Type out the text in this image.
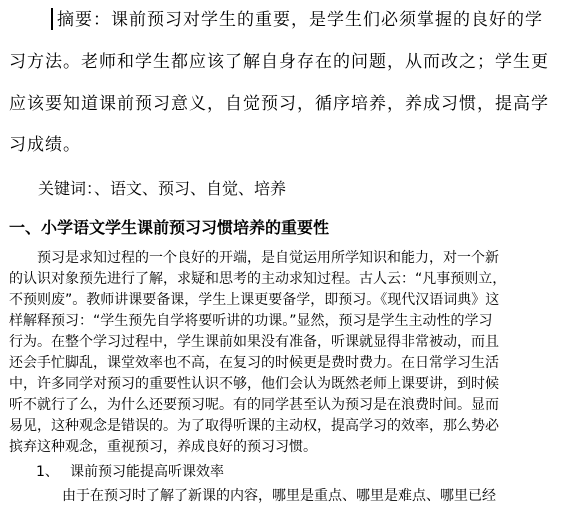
摘要：课前预习对学生的重要，是学生们必须掌握的良好的学
习方法。老师和学生都应该了解自身存在的问题，从而改之；学生更
应该要知道课前预习意义，自觉预习，循序培养，养成习惯，提高学
习成绩。
关键词：、语文、预习、自觉、培养
一、小学语文学生课前预习习惯培养的重要性
　　预习是求知过程的一个良好的开端，是自觉运用所学知识和能力，对一个新
的认识对象预先进行了解，求疑和思考的主动求知过程。古人云：“凡事预则立，
不预则废”。教师讲课要备课，学生上课更要备学，即预习。《现代汉语词典》这
样解释预习：“学生预先自学将要听讲的功课。”显然，预习是学生主动性的学习
行为。在整个学习过程中，学生课前如果没有准备，听课就显得非常被动，而且
还会手忙脚乱，课堂效率也不高，在复习的时候更是费时费力。在日常学习生活
中，许多同学对预习的重要性认识不够，他们会认为既然老师上课要讲，到时候
听不就行了么，为什么还要预习呢。有的同学甚至认为预习是在浪费时间。显而
易见，这种观念是错误的。为了取得听课的主动权，提高学习的效率，那么势必
摈弃这种观念，重视预习，养成良好的预习习惯。
1、 课前预习能提高听课效率
由于在预习时了解了新课的内容，哪里是重点、哪里是难点、哪里已经
